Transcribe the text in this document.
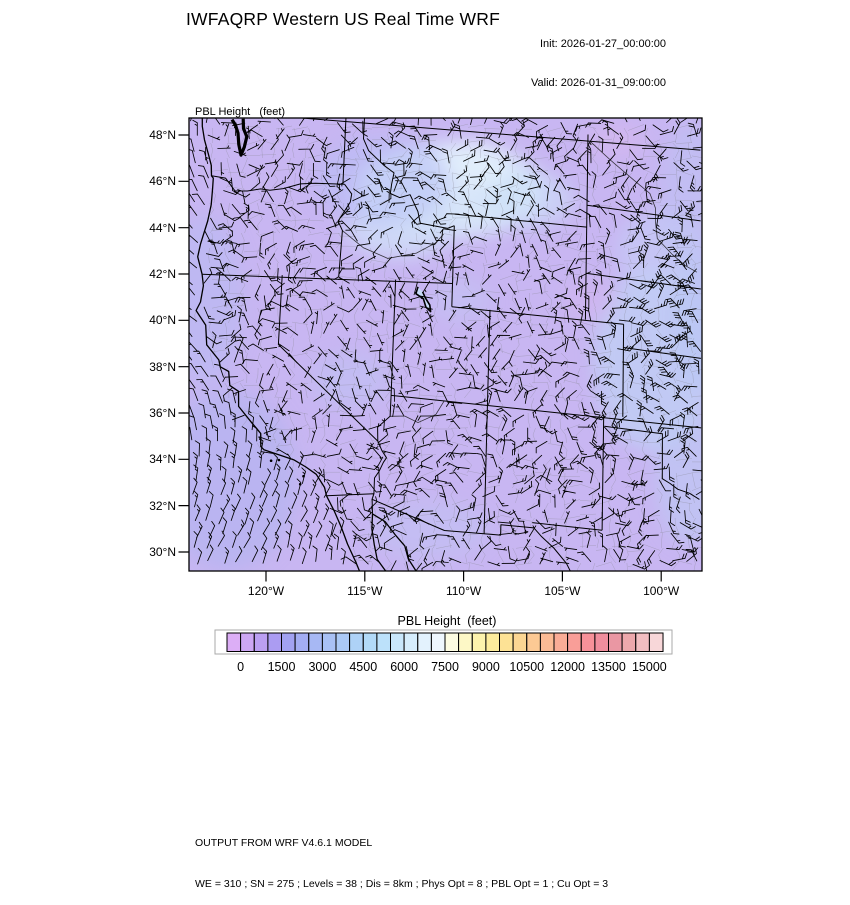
IWFAQRP Western US Real Time WRF

Init: 2026-01-27_00:00:00

Valid: 2026-01-31_09:00:00

PBL Height   (feet)

48°N
46°N
44°N
42°N
40°N
38°N
36°N
34°N
32°N
30°N
120°W	115°W	110°W	105°W	100°W
PBL Height  (feet)
0	1500	3000	4500	6000	7500	9000 10500 12000 13500 15000

OUTPUT FROM WRF V4.6.1 MODEL

WE = 310 ; SN = 275 ; Levels = 38 ; Dis = 8km ; Phys Opt = 8 ; PBL Opt = 1 ; Cu Opt = 3
